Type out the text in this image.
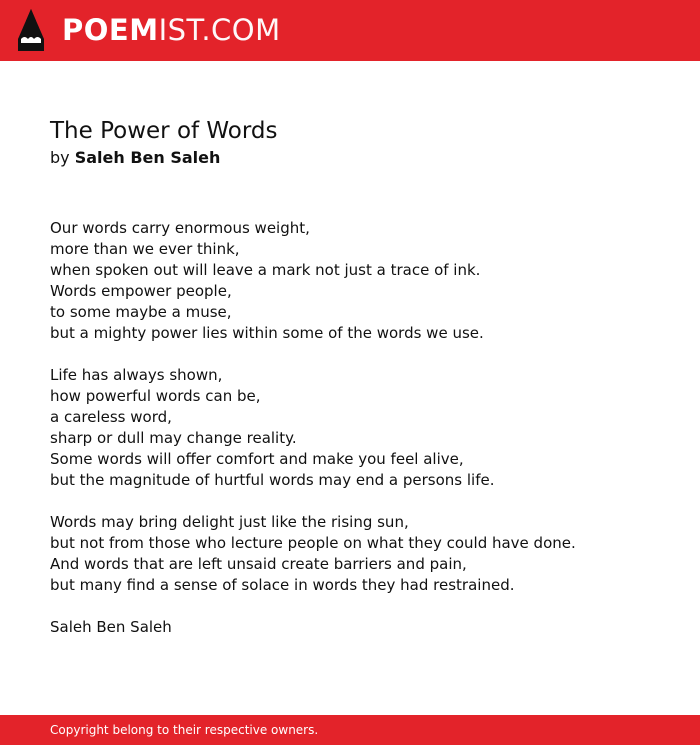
POEMIST.COM
The Power of Words
by Saleh Ben Saleh
Our words carry enormous weight,
more than we ever think,
when spoken out will leave a mark not just a trace of ink.
Words empower people,
to some maybe a muse,
but a mighty power lies within some of the words we use.
Life has always shown,
how powerful words can be,
a careless word,
sharp or dull may change reality.
Some words will offer comfort and make you feel alive,
but the magnitude of hurtful words may end a persons life.
Words may bring delight just like the rising sun,
but not from those who lecture people on what they could have done.
And words that are left unsaid create barriers and pain,
but many find a sense of solace in words they had restrained.
Saleh Ben Saleh
Copyright belong to their respective owners.
